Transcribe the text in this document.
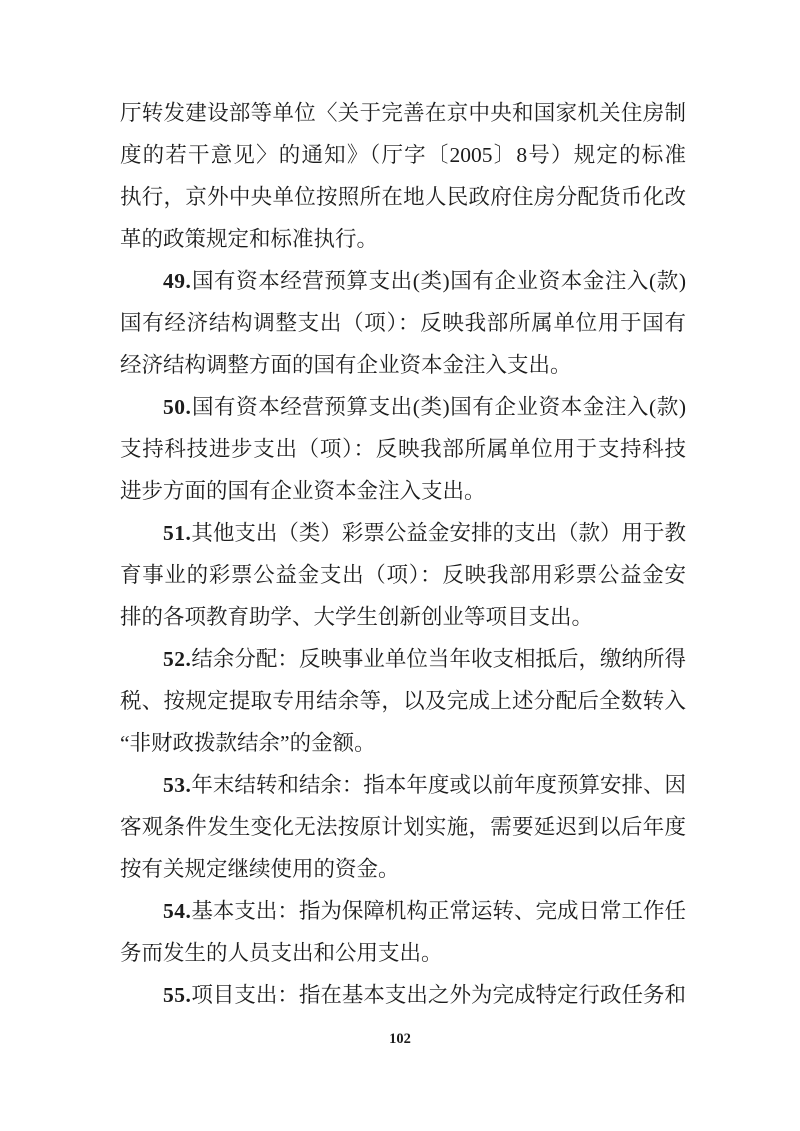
厅转发建设部等单位〈关于完善在京中央和国家机关住房制
度的若干意见〉的通知》（厅字〔2005〕8号）规定的标准
执行，京外中央单位按照所在地人民政府住房分配货币化改
革的政策规定和标准执行。
49.国有资本经营预算支出(类)国有企业资本金注入(款)
国有经济结构调整支出（项）：反映我部所属单位用于国有
经济结构调整方面的国有企业资本金注入支出。
50.国有资本经营预算支出(类)国有企业资本金注入(款)
支持科技进步支出（项）：反映我部所属单位用于支持科技
进步方面的国有企业资本金注入支出。
51.其他支出（类）彩票公益金安排的支出（款）用于教
育事业的彩票公益金支出（项）：反映我部用彩票公益金安
排的各项教育助学、大学生创新创业等项目支出。
52.结余分配：反映事业单位当年收支相抵后，缴纳所得
税、按规定提取专用结余等，以及完成上述分配后全数转入
“非财政拨款结余”的金额。
53.年末结转和结余：指本年度或以前年度预算安排、因
客观条件发生变化无法按原计划实施，需要延迟到以后年度
按有关规定继续使用的资金。
54.基本支出：指为保障机构正常运转、完成日常工作任
务而发生的人员支出和公用支出。
55.项目支出：指在基本支出之外为完成特定行政任务和
102
